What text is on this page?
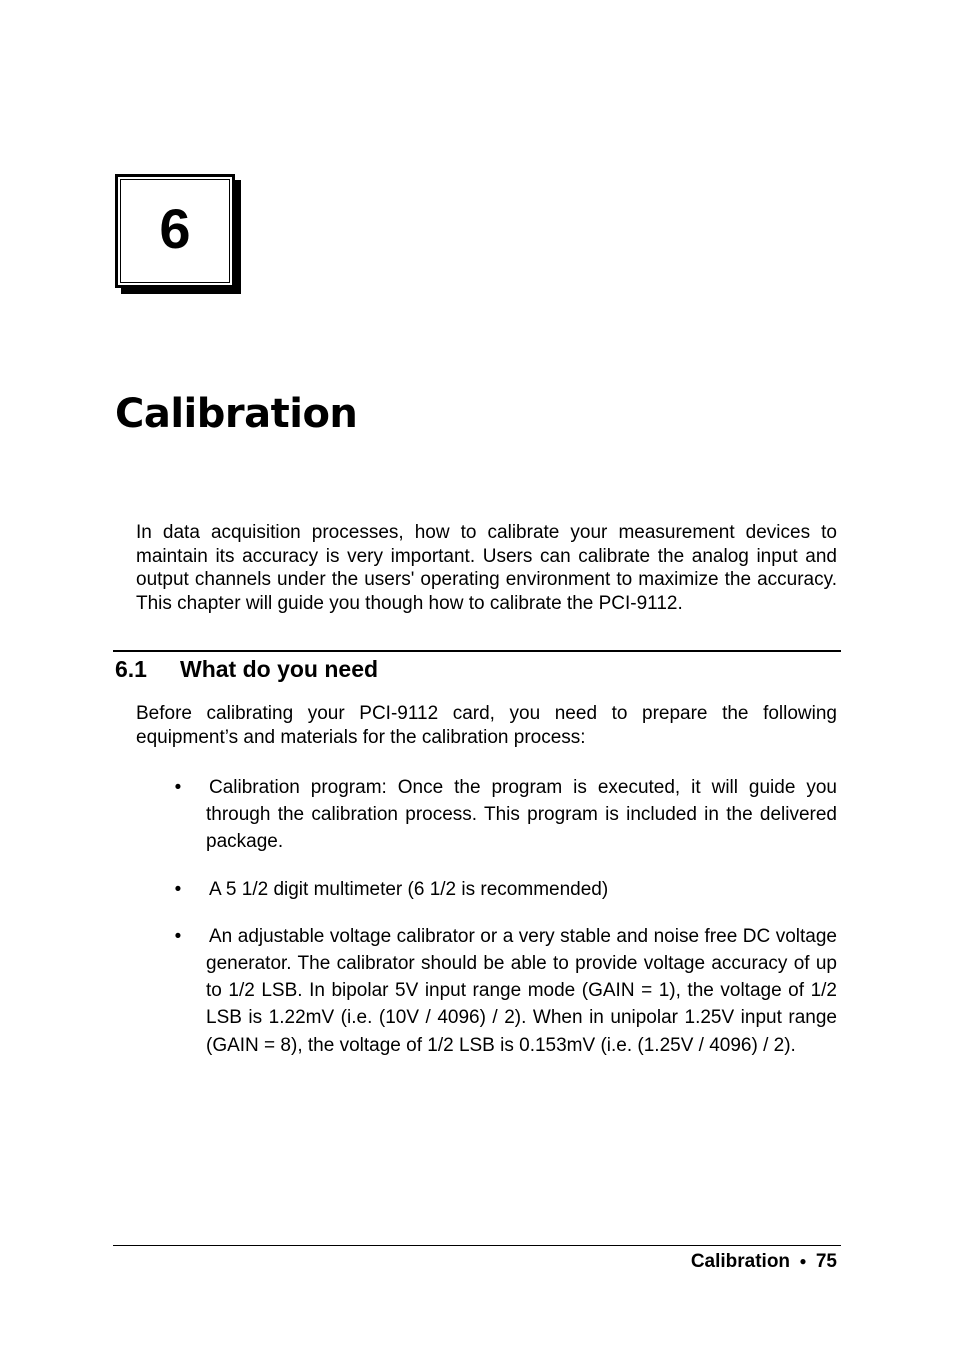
6
Calibration

In data acquisition processes, how to calibrate your measurement devices to maintain its accuracy is very important. Users can calibrate the analog input and output channels under the users' operating environment to maximize the accuracy. This chapter will guide you though how to calibrate the PCI-9112.

6.1	What do you need

Before calibrating your PCI-9112 card, you need to prepare the following equipment’s and materials for the calibration process:

• Calibration program: Once the program is executed, it will guide you through the calibration process. This program is included in the delivered package.
• A 5 1/2 digit multimeter (6 1/2 is recommended)
• An adjustable voltage calibrator or a very stable and noise free DC voltage generator. The calibrator should be able to provide voltage accuracy of up to 1/2 LSB. In bipolar 5V input range mode (GAIN = 1), the voltage of 1/2 LSB is 1.22mV (i.e. (10V / 4096) / 2). When in unipolar 1.25V input range (GAIN = 8), the voltage of 1/2 LSB is 0.153mV (i.e. (1.25V / 4096) / 2).
Calibration ● 75
